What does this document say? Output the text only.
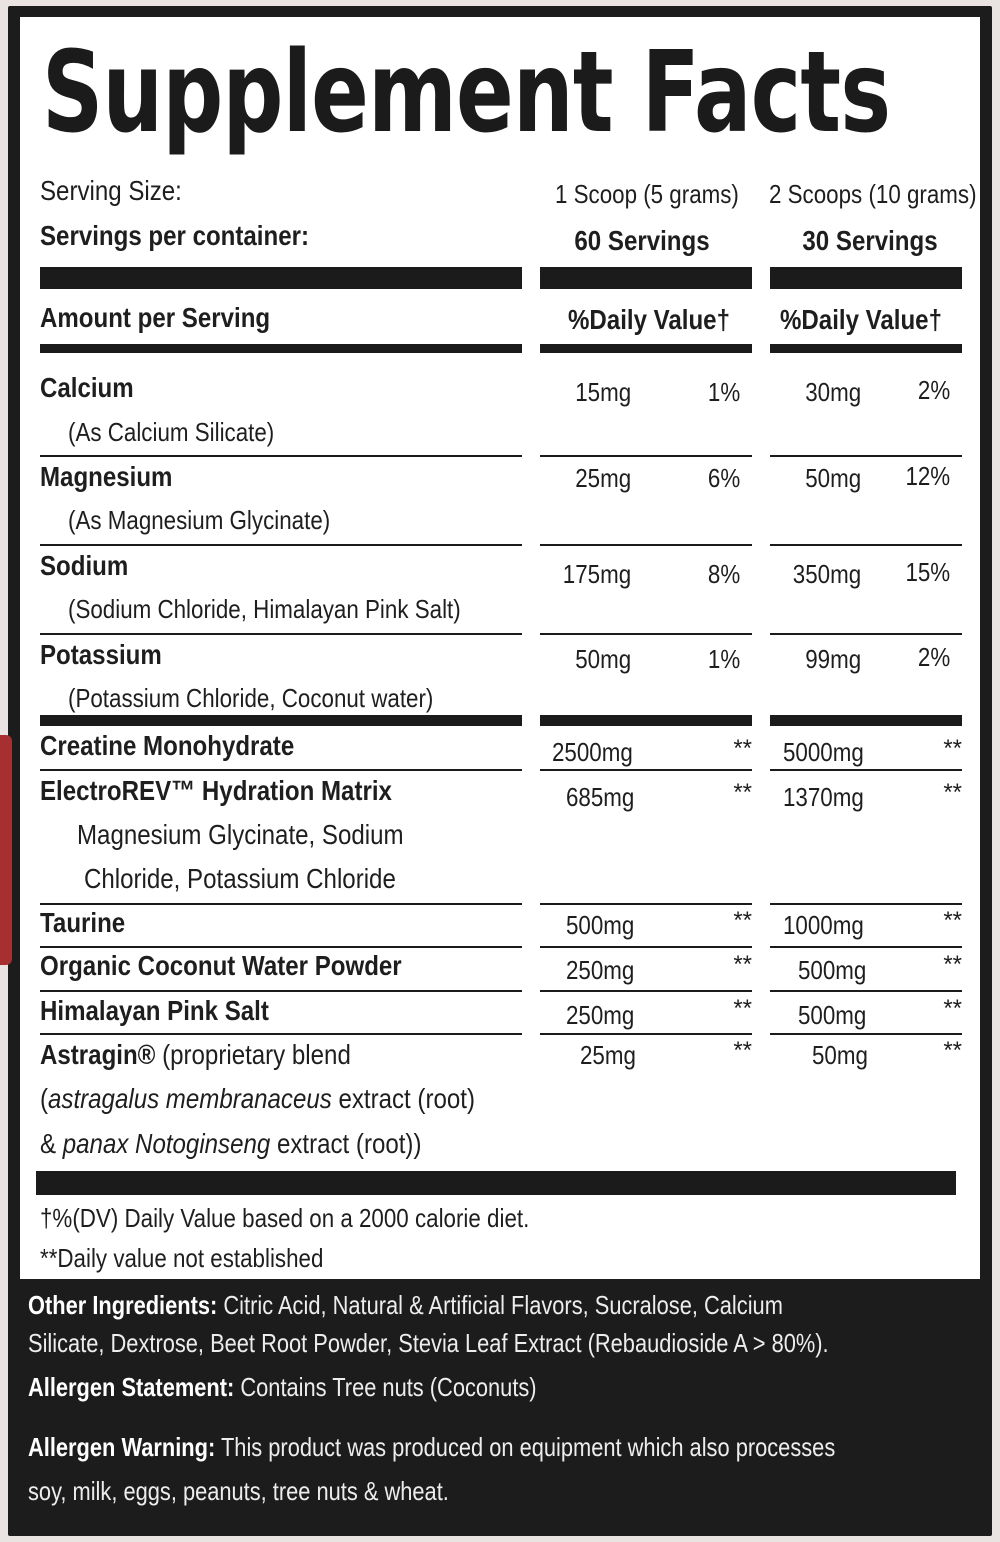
Supplement Facts
Serving Size:
Servings per container:
1 Scoop (5 grams)	2 Scoops (10 grams)
60 Servings	30 Servings
Amount per Serving	%Daily Value† %Daily Value†
Calcium
(As Calcium Silicate)
15mg	1%	30mg	2%
Magnesium
(As Magnesium Glycinate)
25mg	6%	50mg	12%
Sodium
(Sodium Chloride, Himalayan Pink Salt)
175mg	8%	350mg	15%
Potassium
(Potassium Chloride, Coconut water)
50mg	1%	99mg	2%
Creatine Monohydrate	2500mg	** 5000mg	**
ElectroREV™ Hydration Matrix
Magnesium Glycinate, Sodium
Chloride, Potassium Chloride
685mg	** 1370mg	**
Taurine	500mg	** 1000mg	**
Organic Coconut Water Powder	250mg	** 500mg	**
Himalayan Pink Salt	250mg	** 500mg	**
Astragin® (proprietary blend
(astragalus membranaceus extract (root)
& panax Notoginseng extract (root))
25mg	** 50mg	**
†%(DV) Daily Value based on a 2000 calorie diet.
**Daily value not established
Other Ingredients: Citric Acid, Natural & Artificial Flavors, Sucralose, Calcium
Silicate, Dextrose, Beet Root Powder, Stevia Leaf Extract (Rebaudioside A > 80%).
Allergen Statement: Contains Tree nuts (Coconuts)
Allergen Warning: This product was produced on equipment which also processes
soy, milk, eggs, peanuts, tree nuts & wheat.
